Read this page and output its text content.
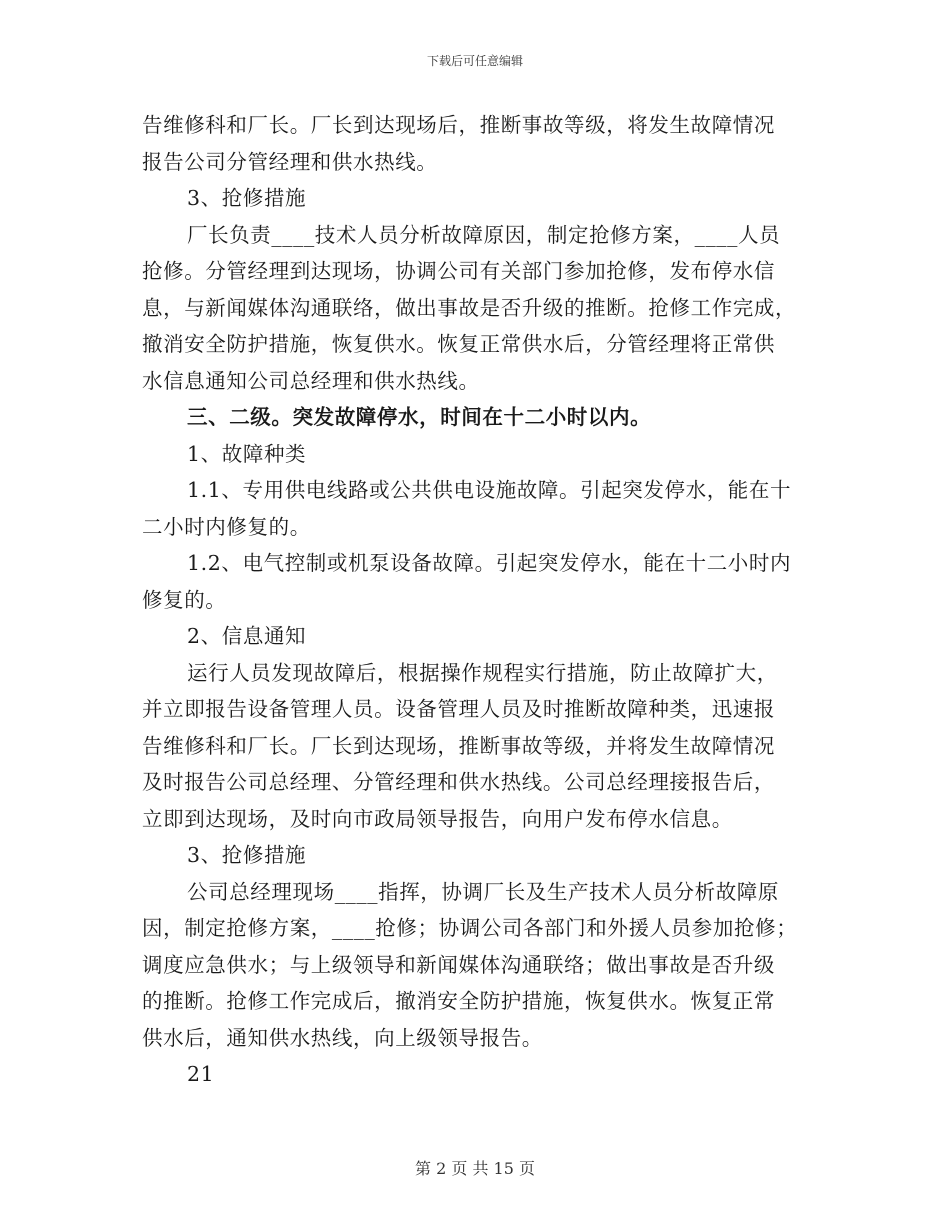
下载后可任意编辑

告维修科和厂长。厂长到达现场后，推断事故等级，将发生故障情况

报告公司分管经理和供水热线。

3、抢修措施

厂长负责____技术人员分析故障原因，制定抢修方案，____人员

抢修。分管经理到达现场，协调公司有关部门参加抢修，发布停水信

息，与新闻媒体沟通联络，做出事故是否升级的推断。抢修工作完成，

撤消安全防护措施，恢复供水。恢复正常供水后，分管经理将正常供

水信息通知公司总经理和供水热线。

三、二级。突发故障停水，时间在十二小时以内。

1、故障种类

1.1、专用供电线路或公共供电设施故障。引起突发停水，能在十

二小时内修复的。

1.2、电气控制或机泵设备故障。引起突发停水，能在十二小时内

修复的。

2、信息通知

运行人员发现故障后，根据操作规程实行措施，防止故障扩大，

并立即报告设备管理人员。设备管理人员及时推断故障种类，迅速报

告维修科和厂长。厂长到达现场，推断事故等级，并将发生故障情况

及时报告公司总经理、分管经理和供水热线。公司总经理接报告后，

立即到达现场，及时向市政局领导报告，向用户发布停水信息。

3、抢修措施

公司总经理现场____指挥，协调厂长及生产技术人员分析故障原

因，制定抢修方案，____抢修；协调公司各部门和外援人员参加抢修；

调度应急供水；与上级领导和新闻媒体沟通联络；做出事故是否升级

的推断。抢修工作完成后，撤消安全防护措施，恢复供水。恢复正常

供水后，通知供水热线，向上级领导报告。

21

第 2 页 共 15 页
